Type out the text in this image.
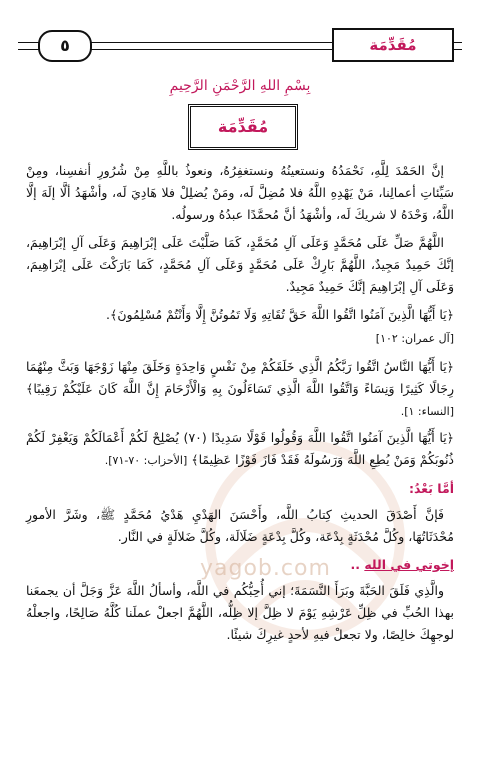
٥	مُقَدِّمَة
بِسْمِ اللهِ الرَّحْمَنِ الرَّحِيمِ
مُقَدِّمَة
yagob.com

إنَّ الحَمْدَ لِلَّهِ، نَحْمَدُهُ ونستعينُهُ ونستغفِرُهُ، ونعوذُ باللَّهِ مِنْ شُرُورِ أنفسِنا، ومِنْ سَيِّئاتِ أعمالِنا، مَنْ يَهْدِهِ اللَّهُ فلا مُضِلَّ لَه، ومَنْ يُضلِلْ فلا هَادِيَ لَه، وأشْهَدُ ألَّا إلَهَ إلَّا اللَّهُ، وَحْدَهُ لا شريكَ لَه، وأشْهَدُ أنَّ مُحمَّدًا عبدُهُ ورسولُه.

اللَّهُمَّ صَلِّ عَلَى مُحَمَّدٍ وَعَلَى آلِ مُحَمَّدٍ، كَمَا صَلَّيْتَ عَلَى إبْرَاهِيمَ وَعَلَى آلِ إبْرَاهِيمَ، إنَّكَ حَمِيدٌ مَجِيدٌ، اللَّهُمَّ بَارِكْ عَلَى مُحَمَّدٍ وَعَلَى آلِ مُحَمَّدٍ، كَمَا بَارَكْتَ عَلَى إبْرَاهِيمَ، وَعَلَى آلِ إبْرَاهِيمَ إنَّكَ حَمِيدٌ مَجِيدٌ.

﴿يَا أَيُّهَا الَّذِينَ آمَنُوا اتَّقُوا اللَّهَ حَقَّ تُقَاتِهِ وَلَا تَمُوتُنَّ إِلَّا وَأَنْتُمْ مُسْلِمُونَ﴾.
[آل عمران: ١٠٢]
﴿يَا أَيُّهَا النَّاسُ اتَّقُوا رَبَّكُمُ الَّذِي خَلَقَكُمْ مِنْ نَفْسٍ وَاحِدَةٍ وَخَلَقَ مِنْهَا زَوْجَهَا وَبَثَّ مِنْهُمَا رِجَالًا كَثِيرًا وَنِسَاءً وَاتَّقُوا اللَّهَ الَّذِي تَسَاءَلُونَ بِهِ وَالْأَرْحَامَ إِنَّ اللَّهَ كَانَ عَلَيْكُمْ رَقِيبًا﴾ [النساء: ١].
﴿يَا أَيُّهَا الَّذِينَ آمَنُوا اتَّقُوا اللَّهَ وَقُولُوا قَوْلًا سَدِيدًا (٧٠) يُصْلِحْ لَكُمْ أَعْمَالَكُمْ وَيَغْفِرْ لَكُمْ ذُنُوبَكُمْ وَمَنْ يُطِعِ اللَّهَ وَرَسُولَهُ فَقَدْ فَازَ فَوْزًا عَظِيمًا﴾ [الأحزاب: ٧٠-٧١].
أمَّا بَعْدُ:

فَإنَّ أَصْدَقَ الحديثِ كِتابُ اللَّه، وأَحْسَنَ الهَدْيِ هَدْيُ مُحَمَّدٍ ﷺ، وشَرَّ الأمورِ مُحْدَثَاتُهَا، وكُلَّ مُحْدَثَةٍ بِدْعَة، وكُلَّ بِدْعَةٍ ضَلَالَة، وكُلَّ ضَلالَةٍ في النَّار.

إخوتي في الله ..

والَّذِي فَلَقَ الحَبَّةَ وبَرَأَ النَّسَمَةَ؛ إني أُحِبُّكُم في اللَّه، وأسألُ اللَّهَ عَزَّ وَجَلَّ أن يجمعَنا بهذا الحُبِّ في ظِلِّ عَرْشِهِ يَوْمَ لا ظِلَّ إلا ظِلُّه، اللَّهُمَّ اجعلْ عملَنا كُلَّهُ صَالِحًا، واجعلْهُ لوجهِكَ خالِصًا، ولا تجعلْ فيهِ لأحدٍ غيرِكَ شيئًا.
